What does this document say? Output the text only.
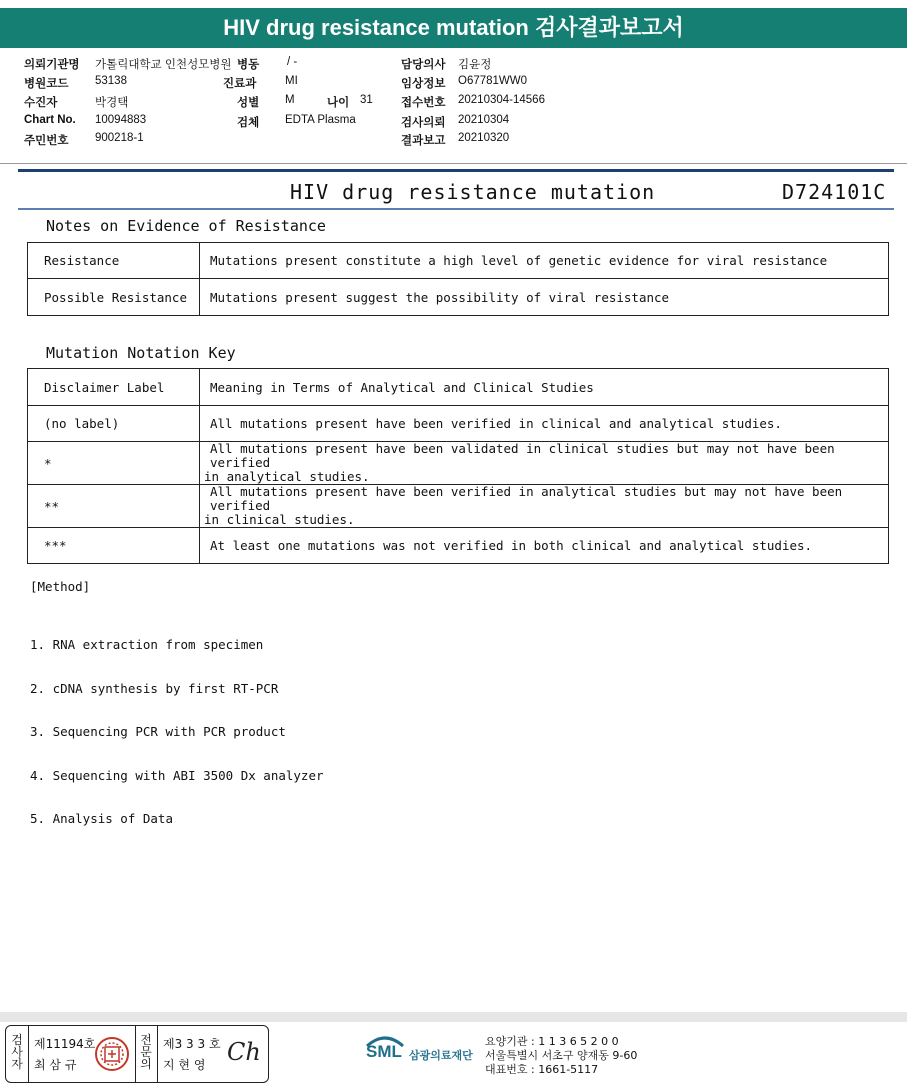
HIV drug resistance mutation 검사결과보고서
의뢰기관명 가톨릭대학교 인천성모병원
병원코드 53138
수진자	박경택
Chart No. 10094883
주민번호 900218-1
병동 / -
진료과 MI
성별 M	나이 31
검체 EDTA Plasma
담당의사 김윤정
임상정보 O67781WW0
접수번호 20210304-14566
검사의뢰 20210304
결과보고 20210320
HIV drug resistance mutation	D724101C
Notes on Evidence of Resistance
Resistance	Mutations present constitute a high level of genetic evidence for viral resistance
Possible Resistance	Mutations present suggest the possibility of viral resistance
Mutation Notation Key
Disclaimer Label	Meaning in Terms of Analytical and Clinical Studies
(no label)	All mutations present have been verified in clinical and analytical studies.
*	All mutations present have been validated in clinical studies but may not have been verified
in analytical studies.

**	All mutations present have been verified in analytical studies but may not have been verified
in clinical studies.

***	At least one mutations was not verified in both clinical and analytical studies.
[Method]

1. RNA extraction from specimen

2. cDNA synthesis by first RT-PCR

3. Sequencing PCR with PCR product

4. Sequencing with ABI 3500 Dx analyzer

5. Analysis of Data

검
사
자
제11194호
최 삼 규
전
문
의
제3 3 3 호
지 현 영 Ch	SML 삼광의료재단
요양기관 : 1 1 3 6 5 2 0 0
서울특별시 서초구 양재동 9-60
대표번호 : 1661-5117
